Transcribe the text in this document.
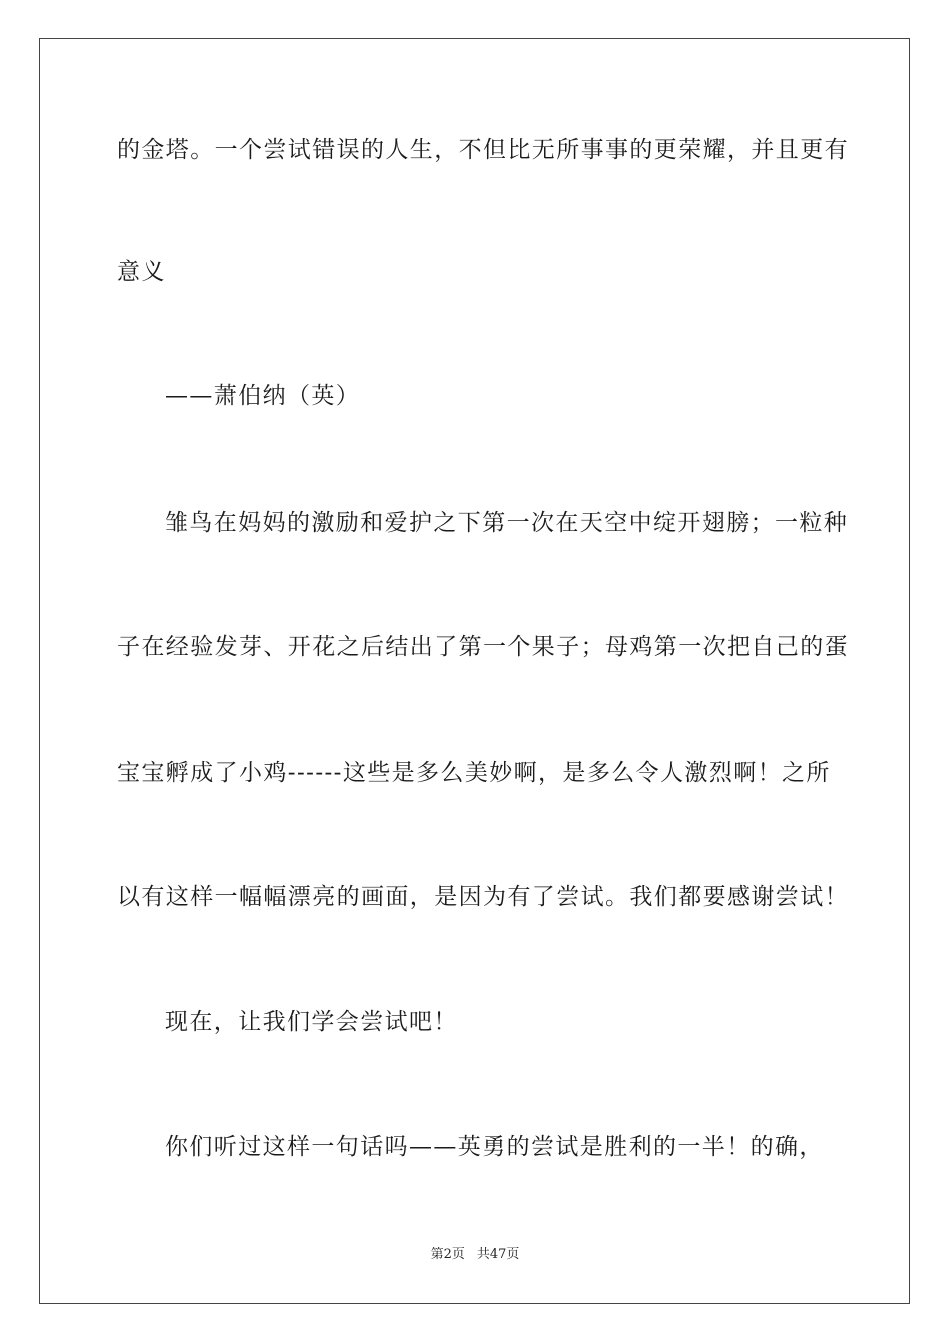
的金塔。一个尝试错误的人生，不但比无所事事的更荣耀，并且更有
意义
——萧伯纳（英）
雏鸟在妈妈的激励和爱护之下第一次在天空中绽开翅膀；一粒种
子在经验发芽、开花之后结出了第一个果子；母鸡第一次把自己的蛋
宝宝孵成了小鸡------这些是多么美妙啊，是多么令人激烈啊！之所
以有这样一幅幅漂亮的画面，是因为有了尝试。我们都要感谢尝试！
现在，让我们学会尝试吧！
你们听过这样一句话吗——英勇的尝试是胜利的一半！的确，
第2页 共47页
